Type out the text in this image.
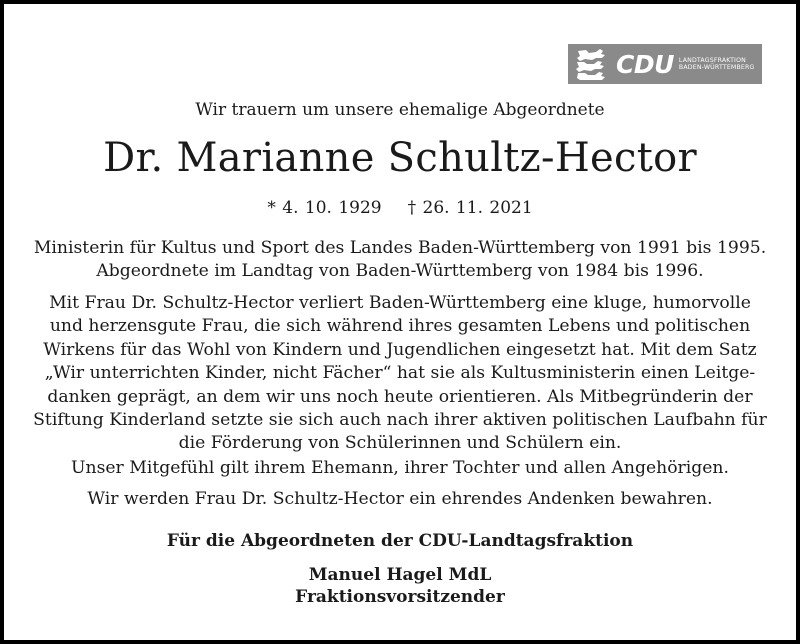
CDU LANDTAGSFRAKTION
BADEN-WÜRTTEMBERG
Wir trauern um unsere ehemalige Abgeordnete
Dr. Marianne Schultz-Hector
* 4. 10. 1929 † 26. 11. 2021

Ministerin für Kultus und Sport des Landes Baden-Württemberg von 1991 bis 1995.

Abgeordnete im Landtag von Baden-Württemberg von 1984 bis 1996.

Mit Frau Dr. Schultz-Hector verliert Baden-Württemberg eine kluge, humorvolle

und herzensgute Frau, die sich während ihres gesamten Lebens und politischen

Wirkens für das Wohl von Kindern und Jugendlichen eingesetzt hat. Mit dem Satz

„Wir unterrichten Kinder, nicht Fächer“ hat sie als Kultusministerin einen Leitge-

danken geprägt, an dem wir uns noch heute orientieren. Als Mitbegründerin der

Stiftung Kinderland setzte sie sich auch nach ihrer aktiven politischen Laufbahn für

die Förderung von Schülerinnen und Schülern ein.

Unser Mitgefühl gilt ihrem Ehemann, ihrer Tochter und allen Angehörigen.
Wir werden Frau Dr. Schultz-Hector ein ehrendes Andenken bewahren.
Für die Abgeordneten der CDU-Landtagsfraktion
Manuel Hagel MdL
Fraktionsvorsitzender
